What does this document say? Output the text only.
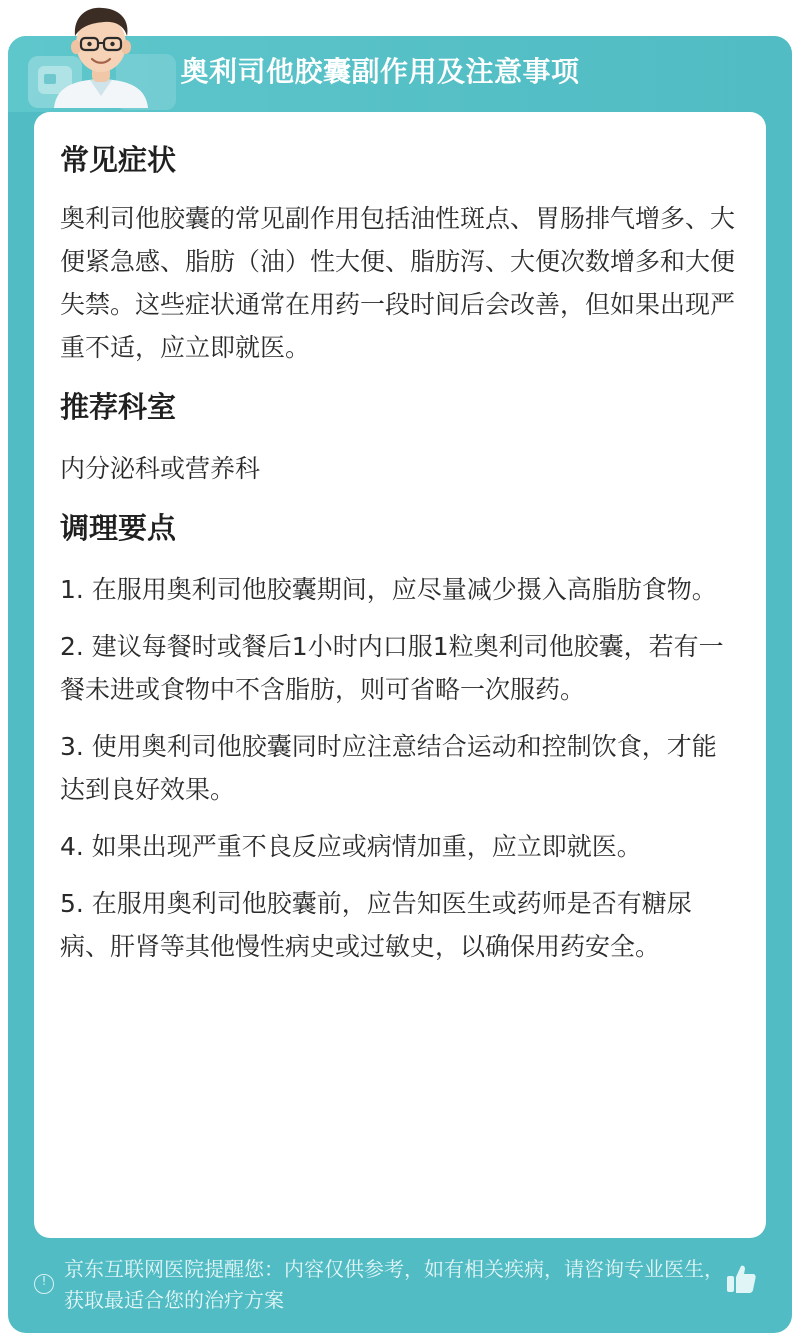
奥利司他胶囊副作用及注意事项
常见症状
奥利司他胶囊的常见副作用包括油性斑点、胃肠排气增多、大便紧急感、脂肪（油）性大便、脂肪泻、大便次数增多和大便失禁。这些症状通常在用药一段时间后会改善，但如果出现严重不适，应立即就医。
推荐科室
内分泌科或营养科
调理要点
1. 在服用奥利司他胶囊期间，应尽量减少摄入高脂肪食物。
2. 建议每餐时或餐后1小时内口服1粒奥利司他胶囊，若有一餐未进或食物中不含脂肪，则可省略一次服药。
3. 使用奥利司他胶囊同时应注意结合运动和控制饮食，才能达到良好效果。
4. 如果出现严重不良反应或病情加重，应立即就医。
5. 在服用奥利司他胶囊前，应告知医生或药师是否有糖尿病、肝肾等其他慢性病史或过敏史，以确保用药安全。
!
京东互联网医院提醒您：内容仅供参考，如有相关疾病，请咨询专业医生，获取最适合您的治疗方案
